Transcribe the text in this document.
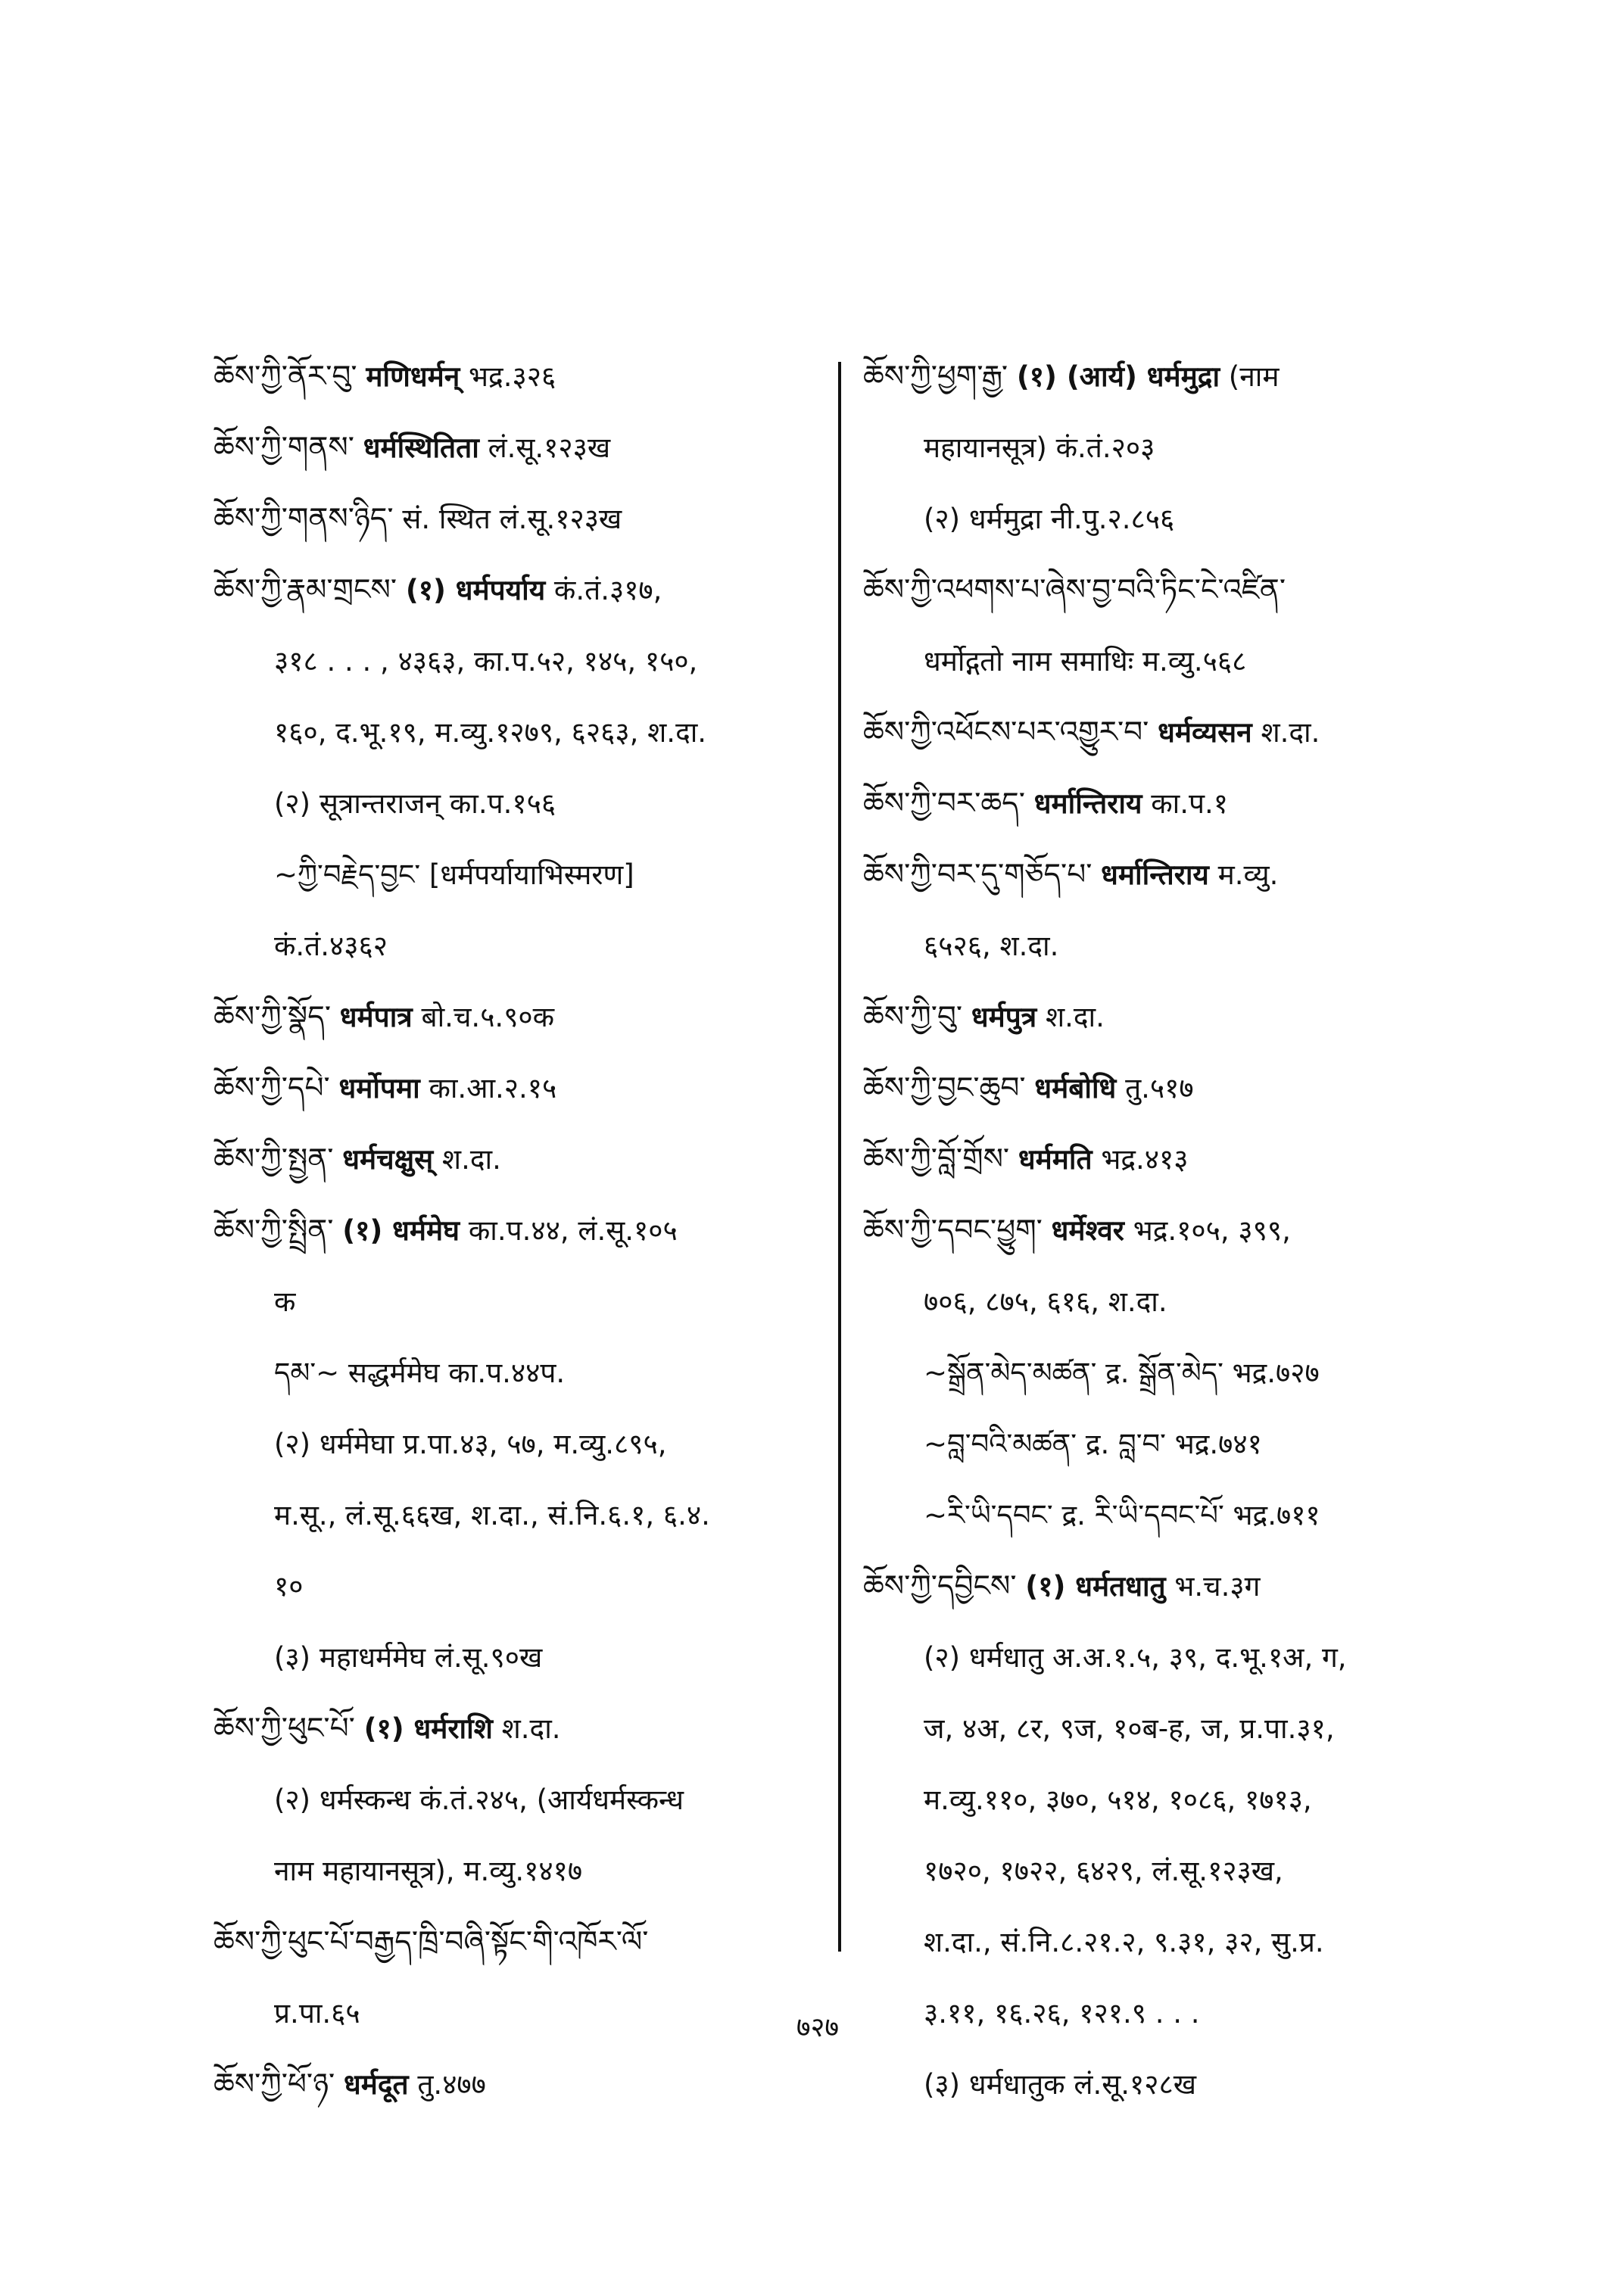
ཆོས་ཀྱི་ནོར་བུ་ मणिधर्मन् भद्र.३२६
ཆོས་ཀྱི་གནས་ धर्मस्थितिता लं.सू.१२३ख
ཆོས་ཀྱི་གནས་ཉིད་ सं. स्थित लं.सू.१२३ख
ཆོས་ཀྱི་རྣམ་གྲངས་ (१) धर्मपर्याय कं.तं.३१७,
३१८ . . . , ४३६३, का.प.५२, १४५, १५०,
१६०, द.भू.१९, म.व्यु.१२७९, ६२६३, श.दा.
(२) सूत्रान्तराजन् का.प.१५६
~ཀྱི་བརྗེད་བྱང་ [धर्मपर्यायाभिस्मरण]
कं.तं.४३६२
ཆོས་ཀྱི་སྣོད་ धर्मपात्र बो.च.५.९०क
ཆོས་ཀྱི་དཔེ་ धर्मोपमा का.आ.२.१५
ཆོས་ཀྱི་སྤྱན་ धर्मचक्षुस् श.दा.
ཆོས་ཀྱི་སྤྲིན་ (१) धर्ममेघ का.प.४४, लं.सू.१०५
क
དམ་~ सद्धर्ममेघ का.प.४४प.
(२) धर्ममेघा प्र.पा.४३, ५७, म.व्यु.८९५,
म.सू., लं.सू.६६ख, श.दा., सं.नि.६.१, ६.४.
१०
(३) महाधर्ममेघ लं.सू.९०ख
ཆོས་ཀྱི་ཕུང་པོ་ (१) धर्मराशि श.दा.
(२) धर्मस्कन्ध कं.तं.२४५, (आर्यधर्मस्कन्ध
नाम महायानसूत्र), म.व्यु.१४१७
ཆོས་ཀྱི་ཕུང་པོ་བརྒྱད་ཁྲི་བཞི་སྟོང་གི་འཁོར་ལོ་
प्र.पा.६५
ཆོས་ཀྱི་ཕོ་ཉ་ धर्मदूत तु.४७७
ཆོས་ཀྱི་ཕྱག་རྒྱ་ (१) (आर्य) धर्ममुद्रा (नाम
महायानसूत्र) कं.तं.२०३
(२) धर्ममुद्रा नी.पु.२.८५६
ཆོས་ཀྱི་འཕགས་པ་ཞེས་བྱ་བའི་ཏིང་ངེ་འཛིན་
धर्मोद्गतो नाम समाधिः म.व्यु.५६८
ཆོས་ཀྱི་འཕོངས་པར་འགྱུར་བ་ धर्मव्यसन श.दा.
ཆོས་ཀྱི་བར་ཆད་ धर्मान्तिराय का.प.१
ཆོས་ཀྱི་བར་དུ་གཅོད་པ་ धर्मान्तिराय म.व्यु.
६५२६, श.दा.
ཆོས་ཀྱི་བུ་ धर्मपुत्र श.दा.
ཆོས་ཀྱི་བྱང་ཆུབ་ धर्मबोधि तु.५१७
ཆོས་ཀྱི་བློ་གྲོས་ धर्ममति भद्र.४१३
ཆོས་ཀྱི་དབང་ཕྱུག་ धर्मेश्वर भद्र.१०५, ३९९,
७०६, ८७५, ६१६, श.दा.
~སྒྲོན་མེད་མཚན་ द्र. སྒྲོན་མེད་ भद्र.७२७
~བླ་བའི་མཚན་ द्र. བླ་བ་ भद्र.७४१
~རི་ཡི་དབང་ द्र. རི་ཡི་དབང་པོ་ भद्र.७११
ཆོས་ཀྱི་དབྱིངས་ (१) धर्मतधातु भ.च.३ग
(२) धर्मधातु अ.अ.१.५, ३९, द.भू.१अ, ग,
ज, ४अ, ८र, ९ज, १०ब-ह, ज, प्र.पा.३१,
म.व्यु.११०, ३७०, ५१४, १०८६, १७१३,
१७२०, १७२२, ६४२९, लं.सू.१२३ख,
श.दा., सं.नि.८.२१.२, ९.३१, ३२, सु.प्र.
३.११, १६.२६, १२१.९ . . .
(३) धर्मधातुक लं.सू.१२८ख
७२७
